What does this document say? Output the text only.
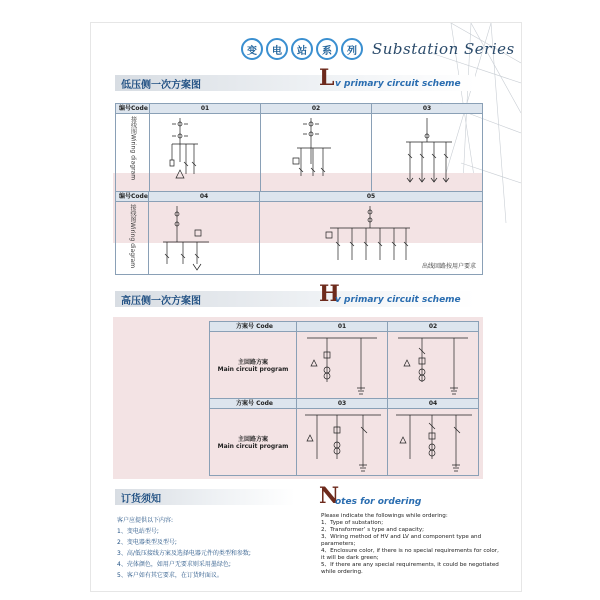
变	电	站	系	列	Substation Series
低压侧一次方案图	L v primary circuit scheme
编号Code	01	02	03

接线图Wiring diagram

编号Code	04	05

接线图Wiring diagram		出线回路按用户要求
高压侧一次方案图	H
v primary circuit scheme
方案号 Code	01	02

主回路方案
Main circuit program

方案号 Code	03	04

主回路方案
Main circuit program

订货须知	N
otes for ordering
客户应提供以下内容:
1、变电站型号;
2、变电器类型及型号;
3、高/低压接线方案及选择电器元件的类型和参数;
4、壳体颜色，如用户无要求则采用墨绿色;
5、客户如有其它要求，在订货时面议。
Please indicate the followings while ordering:
1、Type of substation;
2、Transformer’ s type and capacity;
3、Wiring method of HV and LV and component type and
parameters;
4、Enclosure color, if there is no special requirements for color,
it will be dark green;
5、If there are any special requirements, it could be negotiated
while ordering.
